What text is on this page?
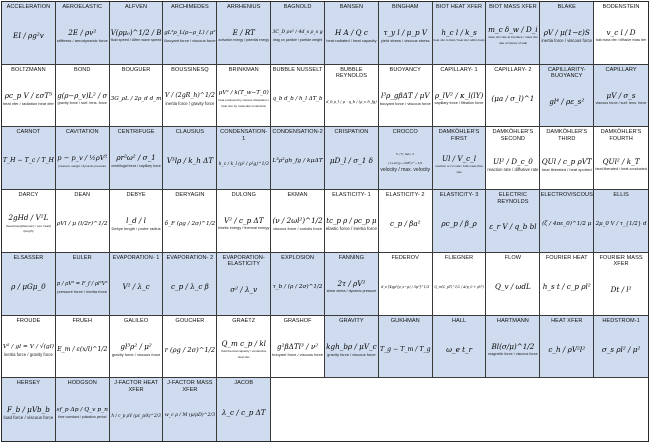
ACCELERATION
EI / ρg²v
AEROELASTIC
2E / ρv²
stiffness / aerodynamic force
ALFVEN
V(ρμ₀)^1/2 / B
fluid speed / Alfen wave speed
ARCHIMEDES
gL³ρ_L(ρ−ρ_L) / μ²
Bouyant force / viscous force
ARRHENIUS
E / RT
activation energy / potential energy
BAGNOLD
3C_D ρv² / 4d_s ρ_s g
drag on particle / particle weight
BANSEN
H A / Q c
heat radiated / heat capacity
BINGHAM
τ_y l / μ_p V
yield stress / viscous stress
BIOT HEAT XFER
h_c l / k_s
heat xfer to fluid / heat xfer within body
BIOT MASS XFER
m_c δ_w / D_i
mass xfer rate at interface / mass xfer rate of interior of wall
BLAKE
ρV / μ(1−ε)S
inertia force / viscous force
BODENSTEIN
v_c l / D
bulk mass xfer / diffusive mass xfer
BOLTZMANN
ρc_p V / εσT³
heat xfer / radiation heat xfer
BOND
g(ρ−ρ_v)L² / σ
gravity force / surf. tens. force
BOUGUER
3G_ρL / 2ρ_d d_m
BOUSSINESQ
V / (2gR_h)^1/2
inertia force / gravity force
BRINKMAN
μV² / k(T_w−T_0)
heat produced by viscous dissipation / heat xfer by molecular conduction
BUBBLE NUSSELT
q_b d_b / h_l ΔT_b
BUBBLE REYNOLDS
d_b ρ_l / μ · q_b / (ρ_v h_fg)
BUOYANCY
l³ρ_gβΔT / μV
bouyant force / viscous force
CAPILLARY- 1
ρ_lV² / κ_l(lY)
capillary force / filtration force
CAPILLARY- 2
(μa / σ_l)^1
CAPILLARITY-BUOYANCY
gl⁴ / ρε_s²
CAPILLARY
μV / σ_s
viscous force / surf. tens. force
CARNOT
T_H − T_c / T_H
CAVITATION
p − p_v / ½ρV²
pressure margin / dynamic pressure
CENTRIFUGE
ρr²ω² / σ_1
centrifugal force / capillary force
CLAUSIUS
V³lρ / k_h ΔT
CONDENSATION- 1
h_c / k_l (μ² / ρ²g)^1/3
CONDENSATION-2
L³ρ²gh_fg / kμΔT
CRISPATION
μD_l / σ_1 δ
CROCCO
V / V_max = (1+2/((γ−1)M²))^−1/2
velocity / max. velocity
DAMKÖHLER'S FIRST
Ul / V_c_l
reaction or rxn rate / bulk mass flow rate
DAMKÖHLER'S SECOND
Ul² / D_c_0
reaction rate / diffusive rate
DAMKÖHLER'S THIRD
QUl / c_p ρVT
heat liberated / heat xported
DAMKÖHLER'S FOURTH
QUl² / k_T
heat liberated / heat conducted
DARCY
2gHd / V²L
(head loss)(diameter) / (vel. head)(length)
DEAN
ρVl / μ (l/2r)^1/2
DEBYE
l_d / l
Debye length / probe radius
DERYAGIN
δ_F (ρg / 2σ)^1/2
DULONG
V² / c_p ΔT
kinetic energy / thermal energy
EKMAN
(ν / 2ωl²)^1/2
viscous force / coriolis force
ELASTICITY- 1
tc_p ρ / ρc_p μ
elastic force / inertia force
ELASTICITY- 2
c_p / βa²
ELASTICITY- 3
ρc_p / β_ρ
ELECTRIC REYNOLDS
ε_r V / q_b bl
ELECTROVISCOUS
(ζ / 4πε_0)^1/2 μ
ELLIS
2μ_0 V / τ_{1/2} d
ELSASSER
ρ / μGμ_0
EULER
p / ρV² = F_f / ρl²V²
pressure force / inertia force
EVAPORATION- 1
V² / λ_c
EVAPORATION- 2
c_p / λ_c β
EVAPORATION-ELASTICITY
σ² / λ_v
EXPLOSION
τ_b / (ρ / 2σ)^1/2
FANNING
2τ / ρV²
shear stress / dynamic pressure
FEDEROV
d_e [4gρ²(ρ_s−ρ) / 3μ²]^1/3
FLIEGNER
Q_m(C_pT)^1/2 / A(p_0 + ρV²)
FLOW
Q_v / ωdL
FOURIER HEAT
h_s t / c_p ρl²
FOURIER MASS XFER
Dt / l²
FROUDE
V² / gl = V / √(gl)
inertia force / gravity force
FRUEH
E_m / ε(x/l)^1/2
GALILEO
gl³ρ² / μ²
gravity force / viscous force
GOUCHER
r (ρg / 2σ)^1/2
GRAETZ
Q_m c_p / kl
fluid thermal capacity / conductive heat xfer
GRASHOF
g²βΔTl³ / ν²
bouyant force / viscous force
GRAVITY
kgh_bρ / μV_c
gravity force / viscous force
GUKHMAN
T_g − T_m / T_g
HALL
ω_e t_r
HARTMANN
Bl(σ/μ)^1/2
magnetic force / viscous force
HEAT XFER
c_h / ρV²l²
HEDSTROM-1
σ_s ρl² / μ²
HERSEY
F_b / μVb_b
load force / viscous force
HODGSON
sf_p Δp / Q_v p_n
time constant / pulsation period
J-FACTOR HEAT XFER
h / c_p ρV (μc_p/k)^2/3
J-FACTOR MASS XFER
w_c ρ / M (μ/ρD)^2/3
JACOB
λ_c / c_p ΔT
